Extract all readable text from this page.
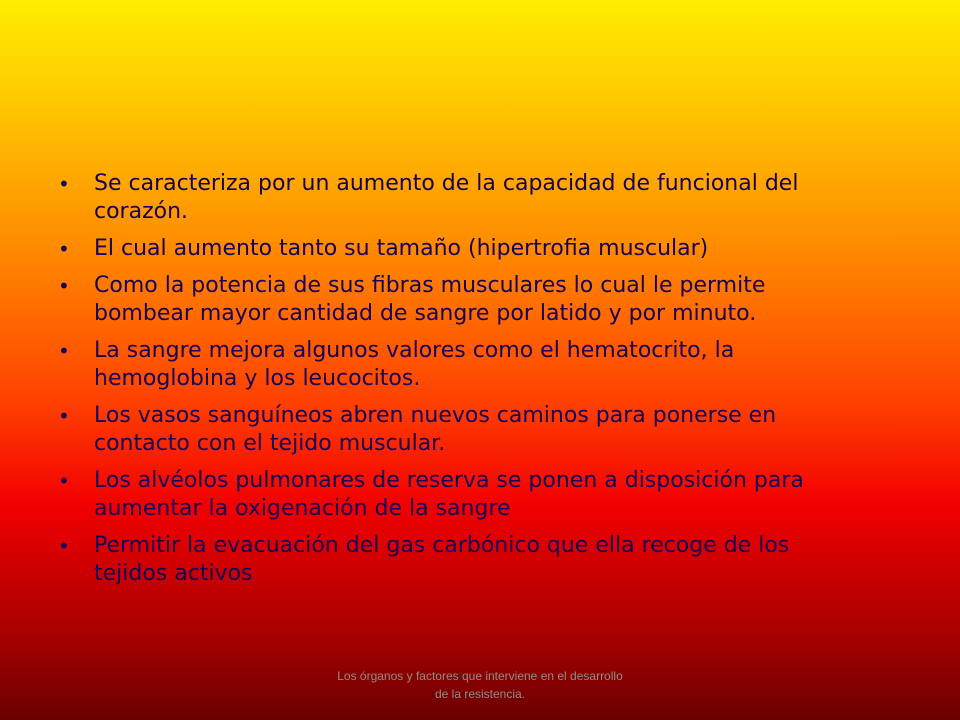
• Se caracteriza por un aumento de la capacidad de funcional del corazón.
• El cual aumento tanto su tamaño (hipertrofia muscular)
• Como la potencia de sus fibras musculares lo cual le permite bombear mayor cantidad de sangre por latido y por minuto.
• La sangre mejora algunos valores como el hematocrito, la hemoglobina y los leucocitos.
• Los vasos sanguíneos abren nuevos caminos para ponerse en contacto con el tejido muscular.
• Los alvéolos pulmonares de reserva se ponen a disposición para aumentar la oxigenación de la sangre
• Permitir la evacuación del gas carbónico que ella recoge de los tejidos activos
Los órganos y factores que interviene en el desarrollo de la resistencia.
